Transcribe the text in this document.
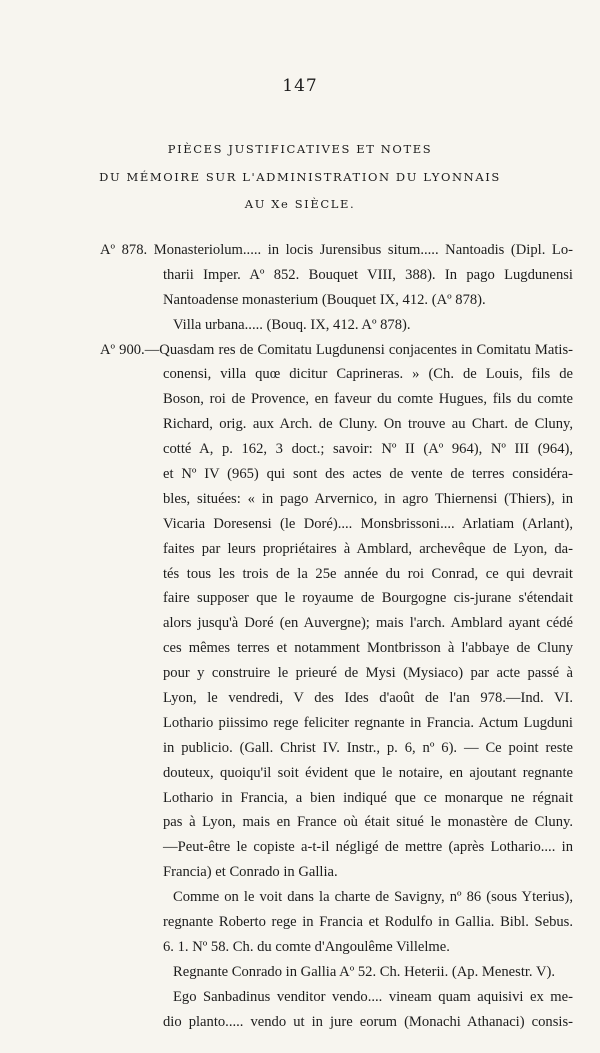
147
PIÈCES JUSTIFICATIVES ET NOTES
DU MÉMOIRE SUR L'ADMINISTRATION DU LYONNAIS
AU Xe SIÈCLE.
Aº 878. Monasteriolum..... in locis Jurensibus situm..... Nantoadis (Dipl. Lo-
tharii Imper. Aº 852. Bouquet VIII, 388). In pago Lugdunensi
Nantoadense monasterium (Bouquet IX, 412. (Aº 878).
Villa urbana..... (Bouq. IX, 412. Aº 878).
Aº 900.—Quasdam res de Comitatu Lugdunensi conjacentes in Comitatu Matis-
conensi, villa quœ dicitur Caprineras. » (Ch. de Louis, fils de
Boson, roi de Provence, en faveur du comte Hugues, fils du comte
Richard, orig. aux Arch. de Cluny. On trouve au Chart. de Cluny,
cotté A, p. 162, 3 doct.; savoir: Nº II (Aº 964), Nº III (964),
et Nº IV (965) qui sont des actes de vente de terres considéra-
bles, situées: « in pago Arvernico, in agro Thiernensi (Thiers), in
Vicaria Doresensi (le Doré).... Monsbrissoni.... Arlatiam (Arlant),
faites par leurs propriétaires à Amblard, archevêque de Lyon, da-
tés tous les trois de la 25e année du roi Conrad, ce qui devrait
faire supposer que le royaume de Bourgogne cis-jurane s'étendait
alors jusqu'à Doré (en Auvergne); mais l'arch. Amblard ayant cédé
ces mêmes terres et notamment Montbrisson à l'abbaye de Cluny
pour y construire le prieuré de Mysi (Mysiaco) par acte passé à
Lyon, le vendredi, V des Ides d'août de l'an 978.—Ind. VI.
Lothario piissimo rege feliciter regnante in Francia. Actum Lugduni
in publicio. (Gall. Christ IV. Instr., p. 6, nº 6). — Ce point reste
douteux, quoiqu'il soit évident que le notaire, en ajoutant regnante
Lothario in Francia, a bien indiqué que ce monarque ne régnait
pas à Lyon, mais en France où était situé le monastère de Cluny.
—Peut-être le copiste a-t-il négligé de mettre (après Lothario.... in
Francia) et Conrado in Gallia.
Comme on le voit dans la charte de Savigny, nº 86 (sous Yterius),
regnante Roberto rege in Francia et Rodulfo in Gallia. Bibl. Sebus.
6. 1. Nº 58. Ch. du comte d'Angoulême Villelme.
Regnante Conrado in Gallia Aº 52. Ch. Heterii. (Ap. Menestr. V).
Ego Sanbadinus venditor vendo.... vineam quam aquisivi ex me-
dio planto..... vendo ut in jure eorum (Monachi Athanaci) consis-
